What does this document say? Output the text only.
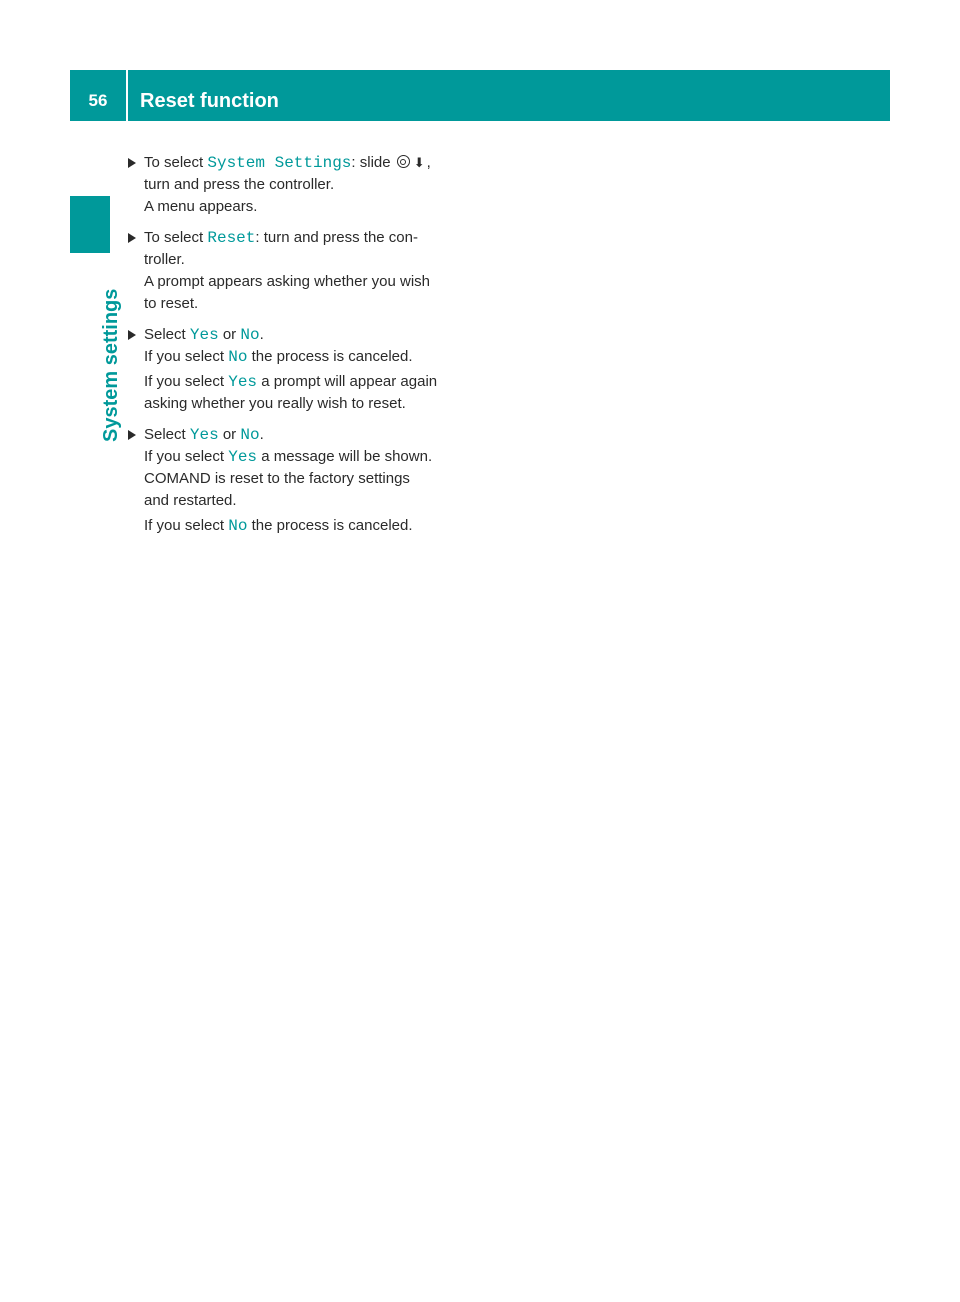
56	Reset function
System settings

To select System Settings: slide ⬇ ,
turn and press the controller.
A menu appears.

To select Reset: turn and press the con-
troller.
A prompt appears asking whether you wish
to reset.

Select Yes or No.
If you select No the process is canceled.

If you select Yes a prompt will appear again
asking whether you really wish to reset.

Select Yes or No.
If you select Yes a message will be shown.
COMAND is reset to the factory settings
and restarted.

If you select No the process is canceled.
